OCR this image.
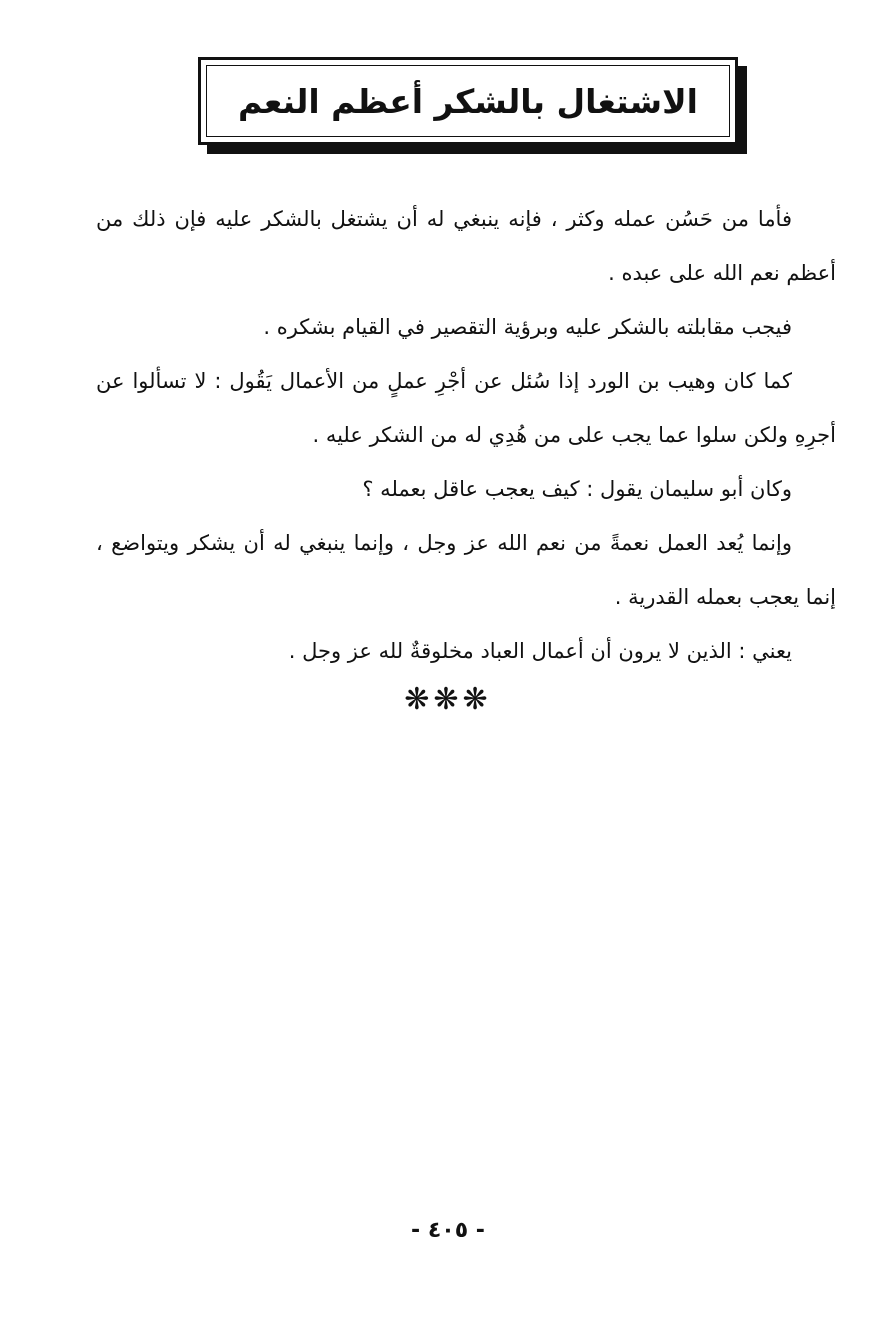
الاشتغال بالشكر أعظم النعم

فأما من حَسُن عمله وكثر ، فإنه ينبغي له أن يشتغل بالشكر عليه فإن ذلك من أعظم نعم الله على عبده .

فيجب مقابلته بالشكر عليه وبرؤية التقصير في القيام بشكره .

كما كان وهيب بن الورد إذا سُئل عن أجْرِ عملٍ من الأعمال يَقُول : لا تسألوا عن أجرِهِ ولكن سلوا عما يجب على من هُدِي له من الشكر عليه .

وكان أبو سليمان يقول : كيف يعجب عاقل بعمله ؟

وإنما يُعد العمل نعمةً من نعم الله عز وجل ، وإنما ينبغي له أن يشكر ويتواضع ، إنما يعجب بعمله القدرية .

يعني : الذين لا يرون أن أعمال العباد مخلوقةٌ لله عز وجل .

❋❋❋
- ٤٠٥ -
